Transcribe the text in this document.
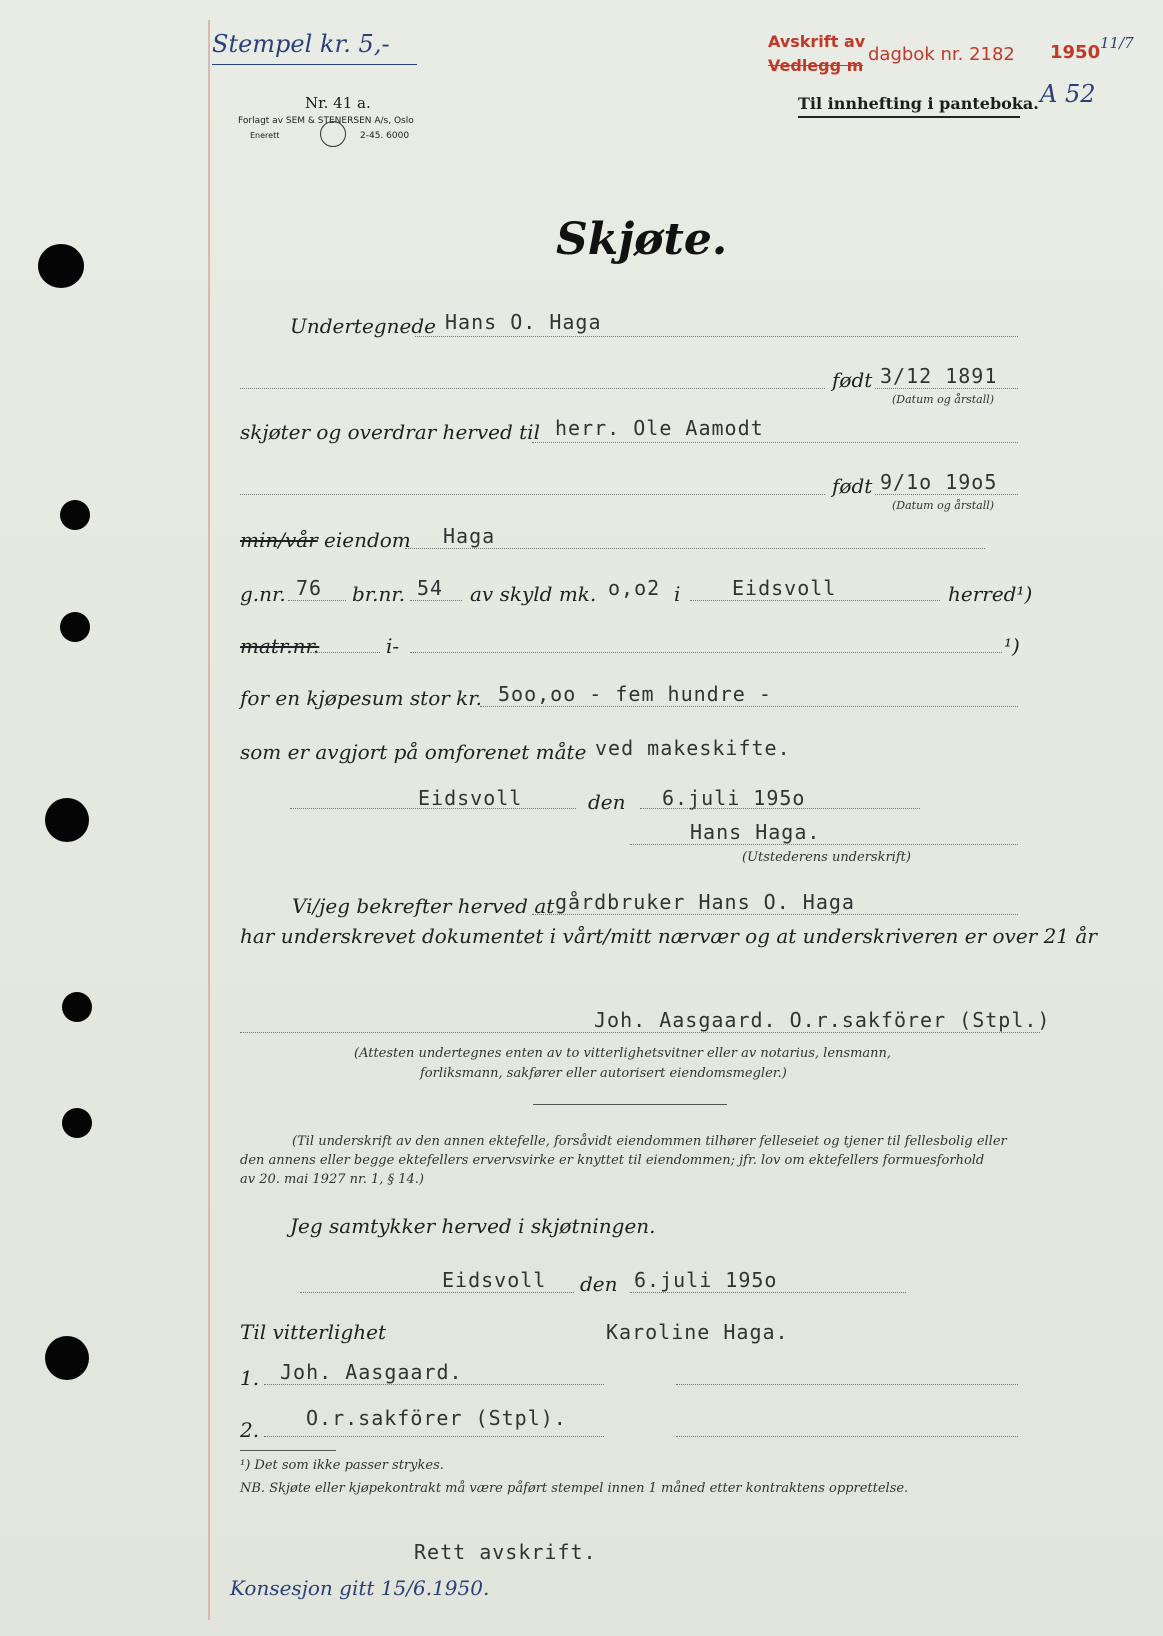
Stempel kr. 5,-
Nr. 41 a.
Forlagt av SEM & STENERSEN A/s, Oslo
Enerett	2-45. 6000
Avskrift av
Vedlegg m
dagbok nr. 2182 1950 11/7
Til innhefting i panteboka. A 52
Skjøte.
Undertegnede Hans O. Haga
født 3/12 1891
(Datum og årstall)
skjøter og overdrar herved til herr. Ole Aamodt
født 9/1o 19o5
(Datum og årstall)
min/vår eiendom Haga
g.nr. 76 br.nr. 54 av skyld mk. o,o2 i	Eidsvoll	herred¹)
matr.nr.	i-	¹)
for en kjøpesum stor kr. 5oo,oo - fem hundre -
som er avgjort på omforenet måte ved makeskifte.
Eidsvoll	den 6.juli 195o
Hans Haga.
(Utstederens underskrift)
Vi/jeg bekrefter herved at gårdbruker Hans O. Haga
har underskrevet dokumentet i vårt/mitt nærvær og at underskriveren er over 21 år
Joh. Aasgaard. O.r.sakförer (Stpl.)
(Attesten undertegnes enten av to vitterlighetsvitner eller av notarius, lensmann,
forliksmann, sakfører eller autorisert eiendomsmegler.)
(Til underskrift av den annen ektefelle, forsåvidt eiendommen tilhører felleseiet og tjener til fellesbolig eller
den annens eller begge ektefellers ervervsvirke er knyttet til eiendommen; jfr. lov om ektefellers formuesforhold
av 20. mai 1927 nr. 1, § 14.)
Jeg samtykker herved i skjøtningen.
Eidsvoll den 6.juli 195o
Til vitterlighet	Karoline Haga.
1. Joh. Aasgaard.
2. O.r.sakförer (Stpl).
¹) Det som ikke passer strykes.
NB. Skjøte eller kjøpekontrakt må være påført stempel innen 1 måned etter kontraktens opprettelse.
Rett avskrift.
Konsesjon gitt 15/6.1950.
